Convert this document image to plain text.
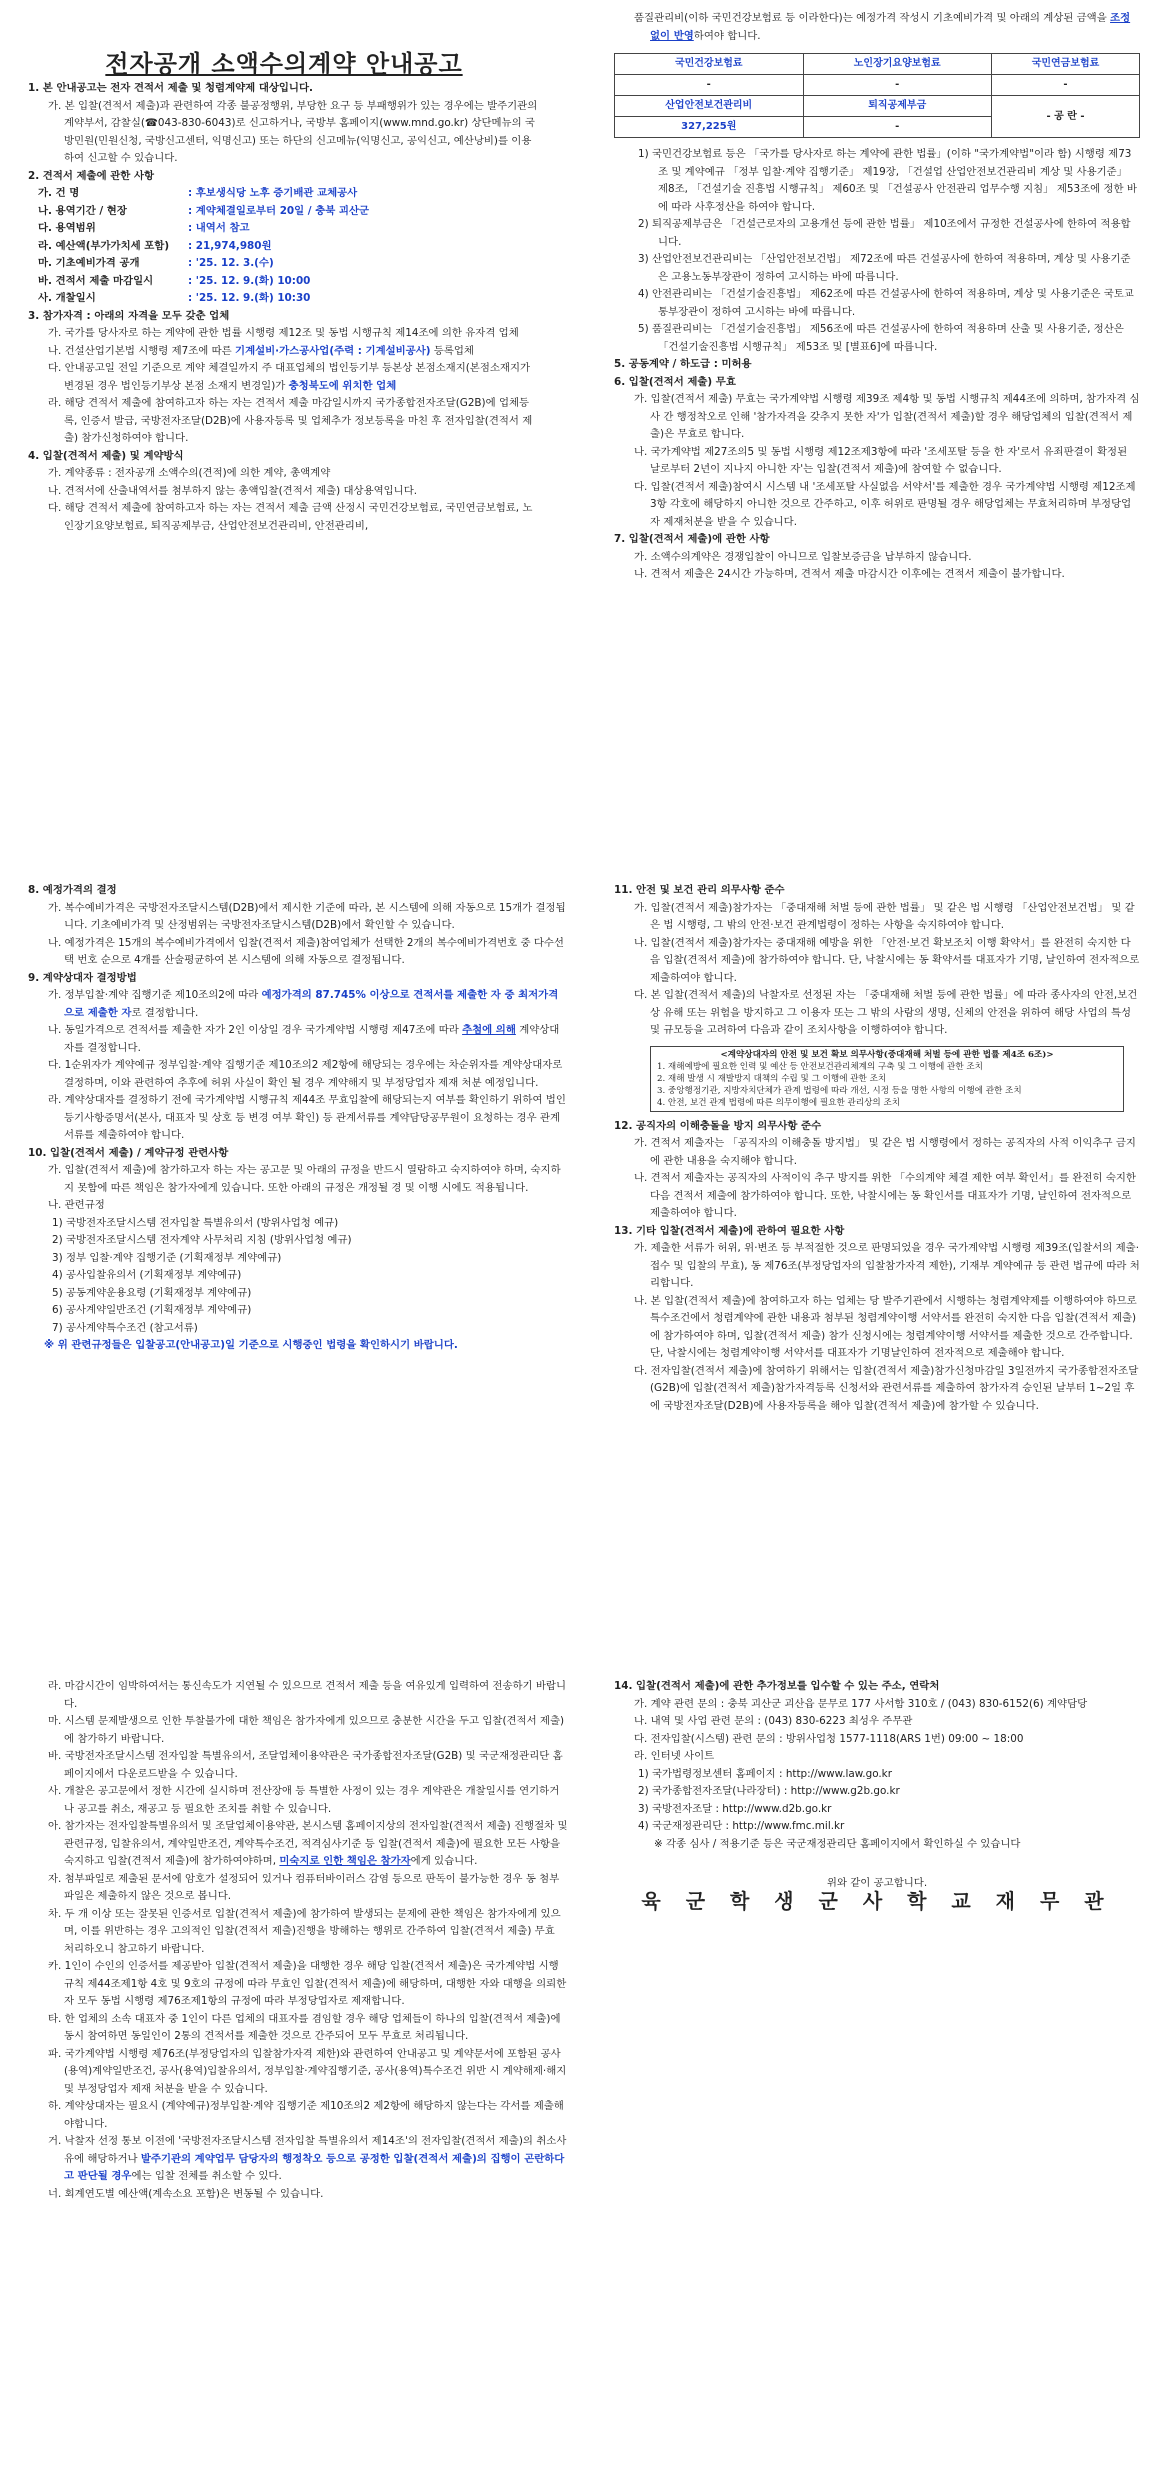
전자공개 소액수의계약 안내공고

1. 본 안내공고는 전자 견적서 제출 및 청렴계약제 대상입니다.

가. 본 입찰(견적서 제출)과 관련하여 각종 불공정행위, 부당한 요구 등 부패행위가 있는 경우에는 발주기관의 계약부서, 감찰실(☎043-830-6043)로 신고하거나, 국방부 홈페이지(www.mnd.go.kr) 상단메뉴의 국방민원(민원신청, 국방신고센터, 익명신고) 또는 하단의 신고메뉴(익명신고, 공익신고, 예산낭비)를 이용하여 신고할 수 있습니다.

2. 견적서 제출에 관한 사항

가. 건 명	: 후보생식당 노후 증기배관 교체공사
나. 용역기간 / 현장	: 계약체결일로부터 20일 / 충북 괴산군
다. 용역범위	: 내역서 참고
라. 예산액(부가가치세 포함)	: 21,974,980원
마. 기초예비가격 공개	: '25. 12. 3.(수)
바. 견적서 제출 마감일시	: '25. 12. 9.(화) 10:00
사. 개찰일시	: '25. 12. 9.(화) 10:30

3. 참가자격 : 아래의 자격을 모두 갖춘 업체

가. 국가를 당사자로 하는 계약에 관한 법률 시행령 제12조 및 동법 시행규칙 제14조에 의한 유자격 업체

나. 건설산업기본법 시행령 제7조에 따른 기계설비·가스공사업(주력 : 기계설비공사) 등록업체

다. 안내공고일 전일 기준으로 계약 체결일까지 주 대표업체의 법인등기부 등본상 본점소재지(본점소재지가 변경된 경우 법인등기부상 본점 소재지 변경일)가 충청북도에 위치한 업체

라. 해당 견적서 제출에 참여하고자 하는 자는 견적서 제출 마감일시까지 국가종합전자조달(G2B)에 업체등록, 인증서 발급, 국방전자조달(D2B)에 사용자등록 및 업체추가 정보등록을 마친 후 전자입찰(견적서 제출) 참가신청하여야 합니다.

4. 입찰(견적서 제출) 및 계약방식

가. 계약종류 : 전자공개 소액수의(견적)에 의한 계약, 총액계약

나. 견적서에 산출내역서를 첨부하지 않는 총액입찰(견적서 제출) 대상용역입니다.

다. 해당 견적서 제출에 참여하고자 하는 자는 견적서 제출 금액 산정시 국민건강보험료, 국민연금보험료, 노인장기요양보험료, 퇴직공제부금, 산업안전보건관리비, 안전관리비,

품질관리비(이하 국민건강보험료 등 이라한다)는 예정가격 작성시 기초예비가격 및 아래의 계상된 금액을 조정 없이 반영하여야 합니다.

국민건강보험료	노인장기요양보험료	국민연금보험료
-	-	-
산업안전보건관리비	퇴직공제부금	- 공 란 -
327,225원	-	

1) 국민건강보험료 등은 「국가를 당사자로 하는 계약에 관한 법률」(이하 "국가계약법"이라 함) 시행령 제73조 및 계약예규 「정부 입찰·계약 집행기준」 제19장, 「건설업 산업안전보건관리비 계상 및 사용기준」 제8조, 「건설기술 진흥법 시행규칙」 제60조 및 「건설공사 안전관리 업무수행 지침」 제53조에 정한 바에 따라 사후정산을 하여야 합니다.

2) 퇴직공제부금은 「건설근로자의 고용개선 등에 관한 법률」 제10조에서 규정한 건설공사에 한하여 적용합니다.

3) 산업안전보건관리비는 「산업안전보건법」 제72조에 따른 건설공사에 한하여 적용하며, 계상 및 사용기준은 고용노동부장관이 정하여 고시하는 바에 따릅니다.

4) 안전관리비는 「건설기술진흥법」 제62조에 따른 건설공사에 한하여 적용하며, 계상 및 사용기준은 국토교통부장관이 정하여 고시하는 바에 따릅니다.

5) 품질관리비는 「건설기술진흥법」 제56조에 따른 건설공사에 한하여 적용하며 산출 및 사용기준, 정산은 「건설기술진흥법 시행규칙」 제53조 및 [별표6]에 따릅니다.

5. 공동계약 / 하도급 : 미허용

6. 입찰(견적서 제출) 무효

가. 입찰(견적서 제출) 무효는 국가계약법 시행령 제39조 제4항 및 동법 시행규칙 제44조에 의하며, 참가자격 심사 간 행정착오로 인해 '참가자격을 갖추지 못한 자'가 입찰(견적서 제출)할 경우 해당업체의 입찰(견적서 제출)은 무효로 합니다.

나. 국가계약법 제27조의5 및 동법 시행령 제12조제3항에 따라 '조세포탈 등을 한 자'로서 유죄판결이 확정된 날로부터 2년이 지나지 아니한 자'는 입찰(견적서 제출)에 참여할 수 없습니다.

다. 입찰(견적서 제출)참여시 시스템 내 '조세포탈 사실없음 서약서'를 제출한 경우 국가계약법 시행령 제12조제3항 각호에 해당하지 아니한 것으로 간주하고, 이후 허위로 판명될 경우 해당업체는 무효처리하며 부정당업자 제재처분을 받을 수 있습니다.

7. 입찰(견적서 제출)에 관한 사항

가. 소액수의계약은 경쟁입찰이 아니므로 입찰보증금을 납부하지 않습니다.

나. 견적서 제출은 24시간 가능하며, 견적서 제출 마감시간 이후에는 견적서 제출이 불가합니다.

8. 예정가격의 결정

가. 복수예비가격은 국방전자조달시스템(D2B)에서 제시한 기준에 따라, 본 시스템에 의해 자동으로 15개가 결정됩니다. 기초예비가격 및 산정범위는 국방전자조달시스템(D2B)에서 확인할 수 있습니다.

나. 예정가격은 15개의 복수예비가격에서 입찰(견적서 제출)참여업체가 선택한 2개의 복수예비가격번호 중 다수선택 번호 순으로 4개를 산술평균하여 본 시스템에 의해 자동으로 결정됩니다.

9. 계약상대자 결정방법

가. 정부입찰·계약 집행기준 제10조의2에 따라 예정가격의 87.745% 이상으로 견적서를 제출한 자 중 최저가격으로 제출한 자로 결정합니다.

나. 동일가격으로 견적서를 제출한 자가 2인 이상일 경우 국가계약법 시행령 제47조에 따라 추첨에 의해 계약상대자를 결정합니다.

다. 1순위자가 계약예규 정부입찰·계약 집행기준 제10조의2 제2항에 해당되는 경우에는 차순위자를 계약상대자로 결정하며, 이와 관련하여 추후에 허위 사실이 확인 될 경우 계약해지 및 부정당업자 제재 처분 예정입니다.

라. 계약상대자를 결정하기 전에 국가계약법 시행규칙 제44조 무효입찰에 해당되는지 여부를 확인하기 위하여 법인등기사항증명서(본사, 대표자 및 상호 등 변경 여부 확인) 등 관계서류를 계약담당공무원이 요청하는 경우 관계서류를 제출하여야 합니다.

10. 입찰(견적서 제출) / 계약규정 관련사항

가. 입찰(견적서 제출)에 참가하고자 하는 자는 공고문 및 아래의 규정을 반드시 열람하고 숙지하여야 하며, 숙지하지 못함에 따른 책임은 참가자에게 있습니다. 또한 아래의 규정은 개정될 경 및 이행 시에도 적용됩니다.

나. 관련규정

1) 국방전자조달시스템 전자입찰 특별유의서 (방위사업청 예규)

2) 국방전자조달시스템 전자계약 사무처리 지침 (방위사업청 예규)

3) 정부 입찰·계약 집행기준 (기획재정부 계약예규)

4) 공사입찰유의서 (기획재정부 계약예규)

5) 공동계약운용요령 (기획재정부 계약예규)

6) 공사계약일반조건 (기획재정부 계약예규)

7) 공사계약특수조건 (참고서류)

※ 위 관련규정들은 입찰공고(안내공고)일 기준으로 시행중인 법령을 확인하시기 바랍니다.

11. 안전 및 보건 관리 의무사항 준수

가. 입찰(견적서 제출)참가자는 「중대재해 처벌 등에 관한 법률」 및 같은 법 시행령 「산업안전보건법」 및 같은 법 시행령, 그 밖의 안전·보건 관계법령이 정하는 사항을 숙지하여야 합니다.

나. 입찰(견적서 제출)참가자는 중대재해 예방을 위한 「안전·보건 확보조치 이행 확약서」를 완전히 숙지한 다음 입찰(견적서 제출)에 참가하여야 합니다. 단, 낙찰시에는 동 확약서를 대표자가 기명, 날인하여 전자적으로 제출하여야 합니다.

다. 본 입찰(견적서 제출)의 낙찰자로 선정된 자는 「중대재해 처벌 등에 관한 법률」에 따라 종사자의 안전,보건상 유해 또는 위험을 방지하고 그 이용자 또는 그 밖의 사람의 생명, 신체의 안전을 위하여 해당 사업의 특성 및 규모등을 고려하여 다음과 같이 조치사항을 이행하여야 합니다.

<계약상대자의 안전 및 보건 확보 의무사항(중대재해 처벌 등에 관한 법률 제4조 6조)>
1. 재해예방에 필요한 인력 및 예산 등 안전보건관리체계의 구축 및 그 이행에 관한 조치
2. 재해 발생 시 재발방지 대책의 수립 및 그 이행에 관한 조치
3. 중앙행정기관, 지방자치단체가 관계 법령에 따라 개선, 시정 등을 명한 사항의 이행에 관한 조치
4. 안전, 보건 관계 법령에 따른 의무이행에 필요한 관리상의 조치

12. 공직자의 이해충돌을 방지 의무사항 준수

가. 견적서 제출자는 「공직자의 이해충돌 방지법」 및 같은 법 시행령에서 정하는 공직자의 사적 이익추구 금지에 관한 내용을 숙지해야 합니다.

나. 견적서 제출자는 공직자의 사적이익 추구 방지를 위한 「수의계약 체결 제한 여부 확인서」를 완전히 숙지한 다음 견적서 제출에 참가하여야 합니다. 또한, 낙찰시에는 동 확인서를 대표자가 기명, 날인하여 전자적으로 제출하여야 합니다.

13. 기타 입찰(견적서 제출)에 관하여 필요한 사항

가. 제출한 서류가 허위, 위·변조 등 부적절한 것으로 판명되었을 경우 국가계약법 시행령 제39조(입찰서의 제출·접수 및 입찰의 무효), 동 제76조(부정당업자의 입찰참가자격 제한), 기재부 계약예규 등 관련 법규에 따라 처리합니다.

나. 본 입찰(견적서 제출)에 참여하고자 하는 업체는 당 발주기관에서 시행하는 청렴계약제를 이행하여야 하므로 특수조건에서 청렴계약에 관한 내용과 첨부된 청렴계약이행 서약서를 완전히 숙지한 다음 입찰(견적서 제출)에 참가하여야 하며, 입찰(견적서 제출) 참가 신청시에는 청렴계약이행 서약서를 제출한 것으로 간주합니다. 단, 낙찰시에는 청렴계약이행 서약서를 대표자가 기명날인하여 전자적으로 제출해야 합니다.

다. 전자입찰(견적서 제출)에 참여하기 위해서는 입찰(견적서 제출)참가신청마감일 3일전까지 국가종합전자조달(G2B)에 입찰(견적서 제출)참가자격등록 신청서와 관련서류를 제출하여 참가자격 승인된 날부터 1~2일 후에 국방전자조달(D2B)에 사용자등록을 해야 입찰(견적서 제출)에 참가할 수 있습니다.

라. 마감시간이 임박하여서는 통신속도가 지연될 수 있으므로 견적서 제출 등을 여유있게 입력하여 전송하기 바랍니다.

마. 시스템 문제발생으로 인한 투찰불가에 대한 책임은 참가자에게 있으므로 충분한 시간을 두고 입찰(견적서 제출)에 참가하기 바랍니다.

바. 국방전자조달시스템 전자입찰 특별유의서, 조달업체이용약관은 국가종합전자조달(G2B) 및 국군재정관리단 홈페이지에서 다운로드받을 수 있습니다.

사. 개찰은 공고문에서 정한 시간에 실시하며 전산장애 등 특별한 사정이 있는 경우 계약관은 개찰일시를 연기하거나 공고를 취소, 재공고 등 필요한 조치를 취할 수 있습니다.

아. 참가자는 전자입찰특별유의서 및 조달업체이용약관, 본시스템 홈페이지상의 전자입찰(견적서 제출) 진행절차 및 관련규정, 입찰유의서, 계약일반조건, 계약특수조건, 적격심사기준 등 입찰(견적서 제출)에 필요한 모든 사항을 숙지하고 입찰(견적서 제출)에 참가하여야하며, 미숙지로 인한 책임은 참가자에게 있습니다.

자. 첨부파일로 제출된 문서에 암호가 설정되어 있거나 컴퓨터바이러스 감염 등으로 판독이 불가능한 경우 동 첨부파일은 제출하지 않은 것으로 봅니다.

차. 두 개 이상 또는 잘못된 인증서로 입찰(견적서 제출)에 참가하여 발생되는 문제에 관한 책임은 참가자에게 있으며, 이를 위반하는 경우 고의적인 입찰(견적서 제출)진행을 방해하는 행위로 간주하여 입찰(견적서 제출) 무효 처리하오니 참고하기 바랍니다.

카. 1인이 수인의 인증서를 제공받아 입찰(견적서 제출)을 대행한 경우 해당 입찰(견적서 제출)은 국가계약법 시행규칙 제44조제1항 4호 및 9호의 규정에 따라 무효인 입찰(견적서 제출)에 해당하며, 대행한 자와 대행을 의뢰한 자 모두 동법 시행령 제76조제1항의 규정에 따라 부정당업자로 제재합니다.

타. 한 업체의 소속 대표자 중 1인이 다른 업체의 대표자를 겸임할 경우 해당 업체들이 하나의 입찰(견적서 제출)에 동시 참여하면 동일인이 2통의 견적서를 제출한 것으로 간주되어 모두 무효로 처리됩니다.

파. 국가계약법 시행령 제76조(부정당업자의 입찰참가자격 제한)와 관련하여 안내공고 및 계약문서에 포함된 공사(용역)계약일반조건, 공사(용역)입찰유의서, 정부입찰·계약집행기준, 공사(용역)특수조건 위반 시 계약해제·해지 및 부정당업자 제재 처분을 받을 수 있습니다.

하. 계약상대자는 필요시 (계약예규)정부입찰·계약 집행기준 제10조의2 제2항에 해당하지 않는다는 각서를 제출해야합니다.

거. 낙찰자 선정 통보 이전에 '국방전자조달시스템 전자입찰 특별유의서 제14조'의 전자입찰(견적서 제출)의 취소사유에 해당하거나 발주기관의 계약업무 담당자의 행정착오 등으로 공정한 입찰(견적서 제출)의 집행이 곤란하다고 판단될 경우에는 입찰 전체를 취소할 수 있다.

너. 회계연도별 예산액(계속소요 포함)은 변동될 수 있습니다.

14. 입찰(견적서 제출)에 관한 추가정보를 입수할 수 있는 주소, 연락처

가. 계약 관련 문의 : 충북 괴산군 괴산읍 문무로 177 사서함 310호 / (043) 830-6152(6) 계약담당

나. 내역 및 사업 관련 문의 : (043) 830-6223 최성우 주무관

다. 전자입찰(시스템) 관련 문의 : 방위사업청 1577-1118(ARS 1번) 09:00 ~ 18:00

라. 인터넷 사이트

1) 국가법령정보센터 홈페이지 : http://www.law.go.kr

2) 국가종합전자조달(나라장터) : http://www.g2b.go.kr

3) 국방전자조달 : http://www.d2b.go.kr

4) 국군재정관리단 : http://www.fmc.mil.kr

※ 각종 심사 / 적용기준 등은 국군재정관리단 홈페이지에서 확인하실 수 있습니다

위와 같이 공고합니다.

육 군 학 생 군 사 학 교 재 무 관
